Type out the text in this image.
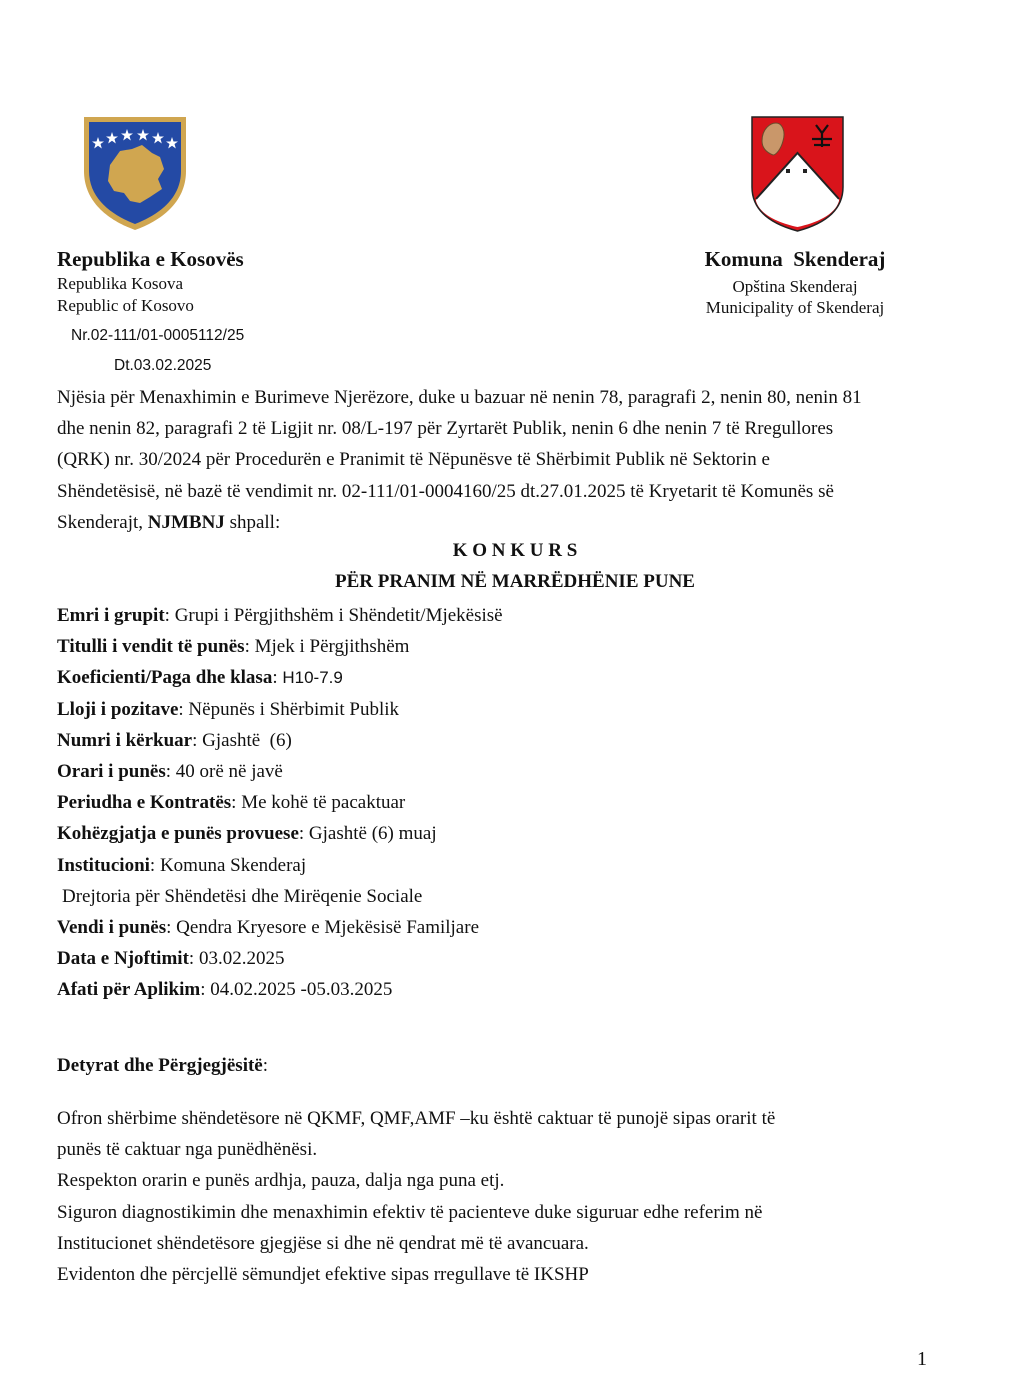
Republika e Kosovës
Republika Kosova
Republic of Kosovo
Komuna  Skenderaj
Opština Skenderaj
Municipality of Skenderaj
Nr.02-111/01-0005112/25
Dt.03.02.2025
Njësia për Menaxhimin e Burimeve Njerëzore, duke u bazuar në nenin 78, paragrafi 2, nenin 80, nenin 81
dhe nenin 82, paragrafi 2 të Ligjit nr. 08/L-197 për Zyrtarët Publik, nenin 6 dhe nenin 7 të Rregullores
(QRK) nr. 30/2024 për Procedurën e Pranimit të Nëpunësve të Shërbimit Publik në Sektorin e
Shëndetësisë, në bazë të vendimit nr. 02-111/01-0004160/25 dt.27.01.2025 të Kryetarit të Komunës së
Skenderajt, NJMBNJ shpall:
K O N K U R S
PËR PRANIM NË MARRËDHËNIE PUNE
Emri i grupit: Grupi i Përgjithshëm i Shëndetit/Mjekësisë
Titulli i vendit të punës: Mjek i Përgjithshëm
Koeficienti/Paga dhe klasa: H10-7.9
Lloji i pozitave: Nëpunës i Shërbimit Publik
Numri i kërkuar: Gjashtë  (6)
Orari i punës: 40 orë në javë
Periudha e Kontratës: Me kohë të pacaktuar
Kohëzgjatja e punës provuese: Gjashtë (6) muaj
Institucioni: Komuna Skenderaj
Drejtoria për Shëndetësi dhe Mirëqenie Sociale
Vendi i punës: Qendra Kryesore e Mjekësisë Familjare
Data e Njoftimit: 03.02.2025
Afati për Aplikim: 04.02.2025 -05.03.2025
Detyrat dhe Përgjegjësitë:
Ofron shërbime shëndetësore në QKMF, QMF,AMF –ku është caktuar të punojë sipas orarit të
punës të caktuar nga punëdhënësi.
Respekton orarin e punës ardhja, pauza, dalja nga puna etj.
Siguron diagnostikimin dhe menaxhimin efektiv të pacienteve duke siguruar edhe referim në
Institucionet shëndetësore gjegjëse si dhe në qendrat më të avancuara.
Evidenton dhe përcjellë sëmundjet efektive sipas rregullave të IKSHP
1
